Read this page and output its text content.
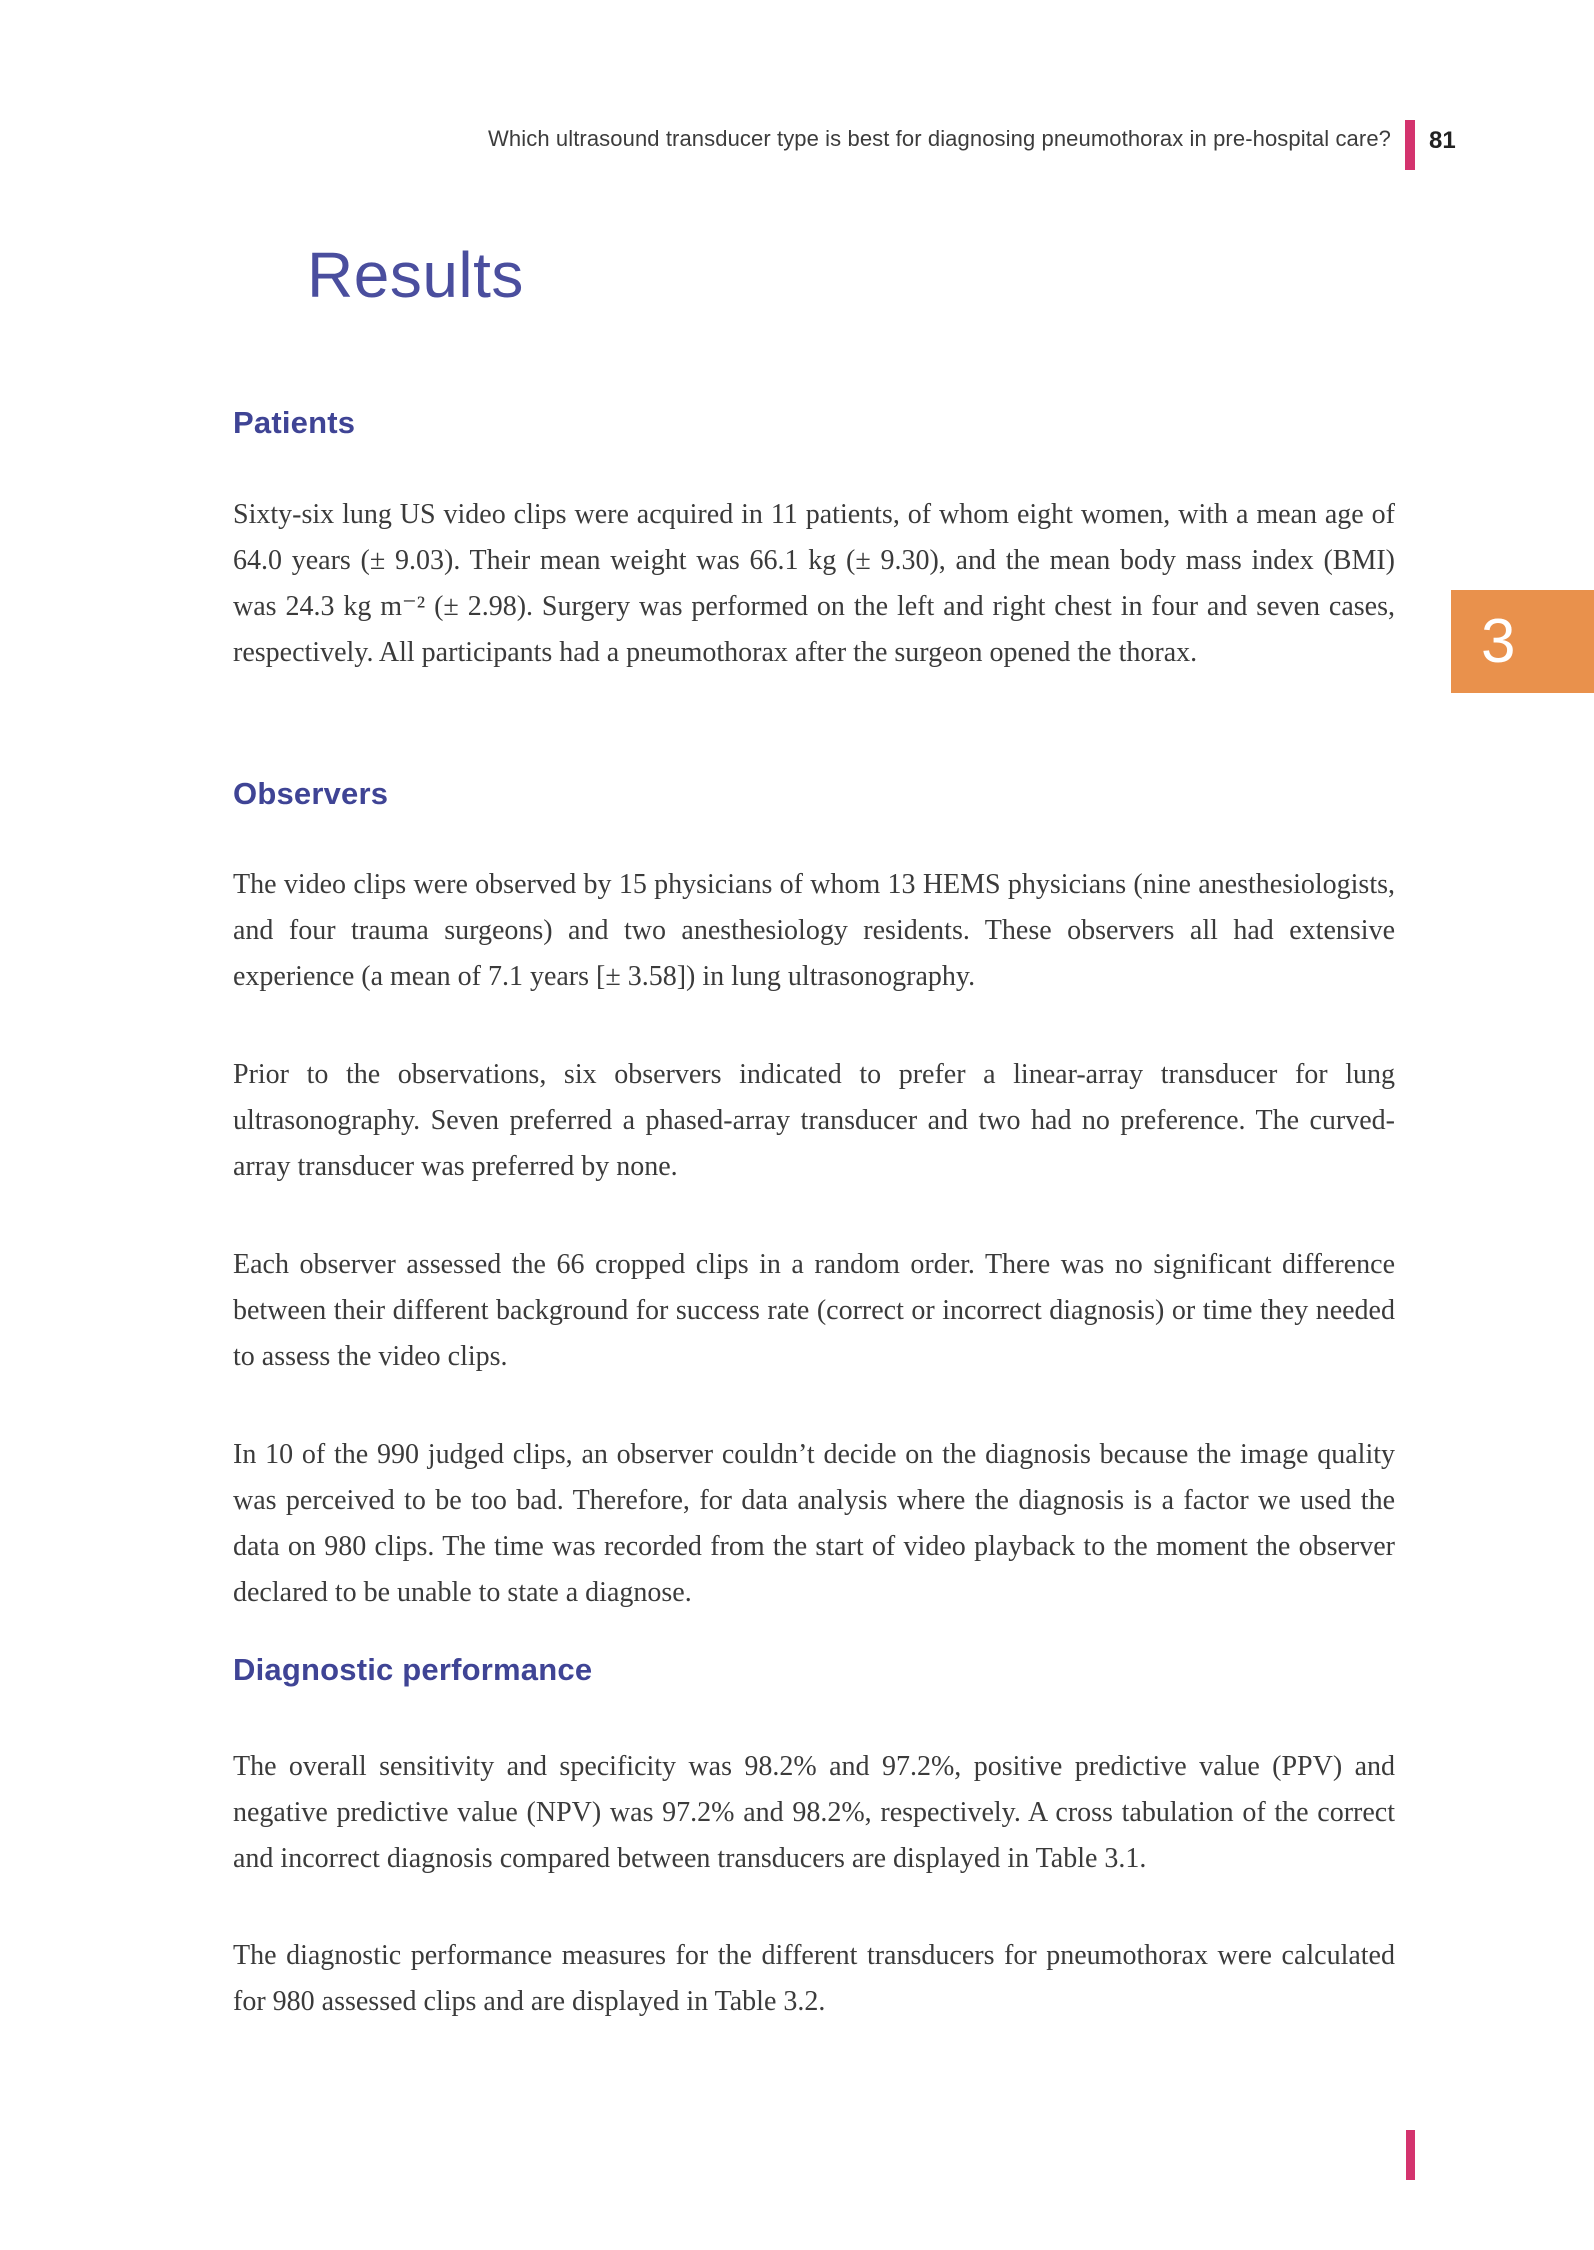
Which ultrasound transducer type is best for diagnosing pneumothorax in pre-hospital care? 81
Results
3
Patients

Sixty-six lung US video clips were acquired in 11 patients, of whom eight women, with a mean age of 64.0 years (± 9.03). Their mean weight was 66.1 kg (± 9.30), and the mean body mass index (BMI) was 24.3 kg m⁻² (± 2.98). Surgery was performed on the left and right chest in four and seven cases, respectively. All participants had a pneumothorax after the surgeon opened the thorax.

Observers

The video clips were observed by 15 physicians of whom 13 HEMS physicians (nine anesthesiologists, and four trauma surgeons) and two anesthesiology residents. These observers all had extensive experience (a mean of 7.1 years [± 3.58]) in lung ultrasonography.

Prior to the observations, six observers indicated to prefer a linear-array transducer for lung ultrasonography. Seven preferred a phased-array transducer and two had no preference. The curved-array transducer was preferred by none.

Each observer assessed the 66 cropped clips in a random order. There was no significant difference between their different background for success rate (correct or incorrect diagnosis) or time they needed to assess the video clips.

In 10 of the 990 judged clips, an observer couldn’t decide on the diagnosis because the image quality was perceived to be too bad. Therefore, for data analysis where the diagnosis is a factor we used the data on 980 clips. The time was recorded from the start of video playback to the moment the observer declared to be unable to state a diagnose.

Diagnostic performance

The overall sensitivity and specificity was 98.2% and 97.2%, positive predictive value (PPV) and negative predictive value (NPV) was 97.2% and 98.2%, respectively. A cross tabulation of the correct and incorrect diagnosis compared between transducers are displayed in Table 3.1.

The diagnostic performance measures for the different transducers for pneumothorax were calculated for 980 assessed clips and are displayed in Table 3.2.
